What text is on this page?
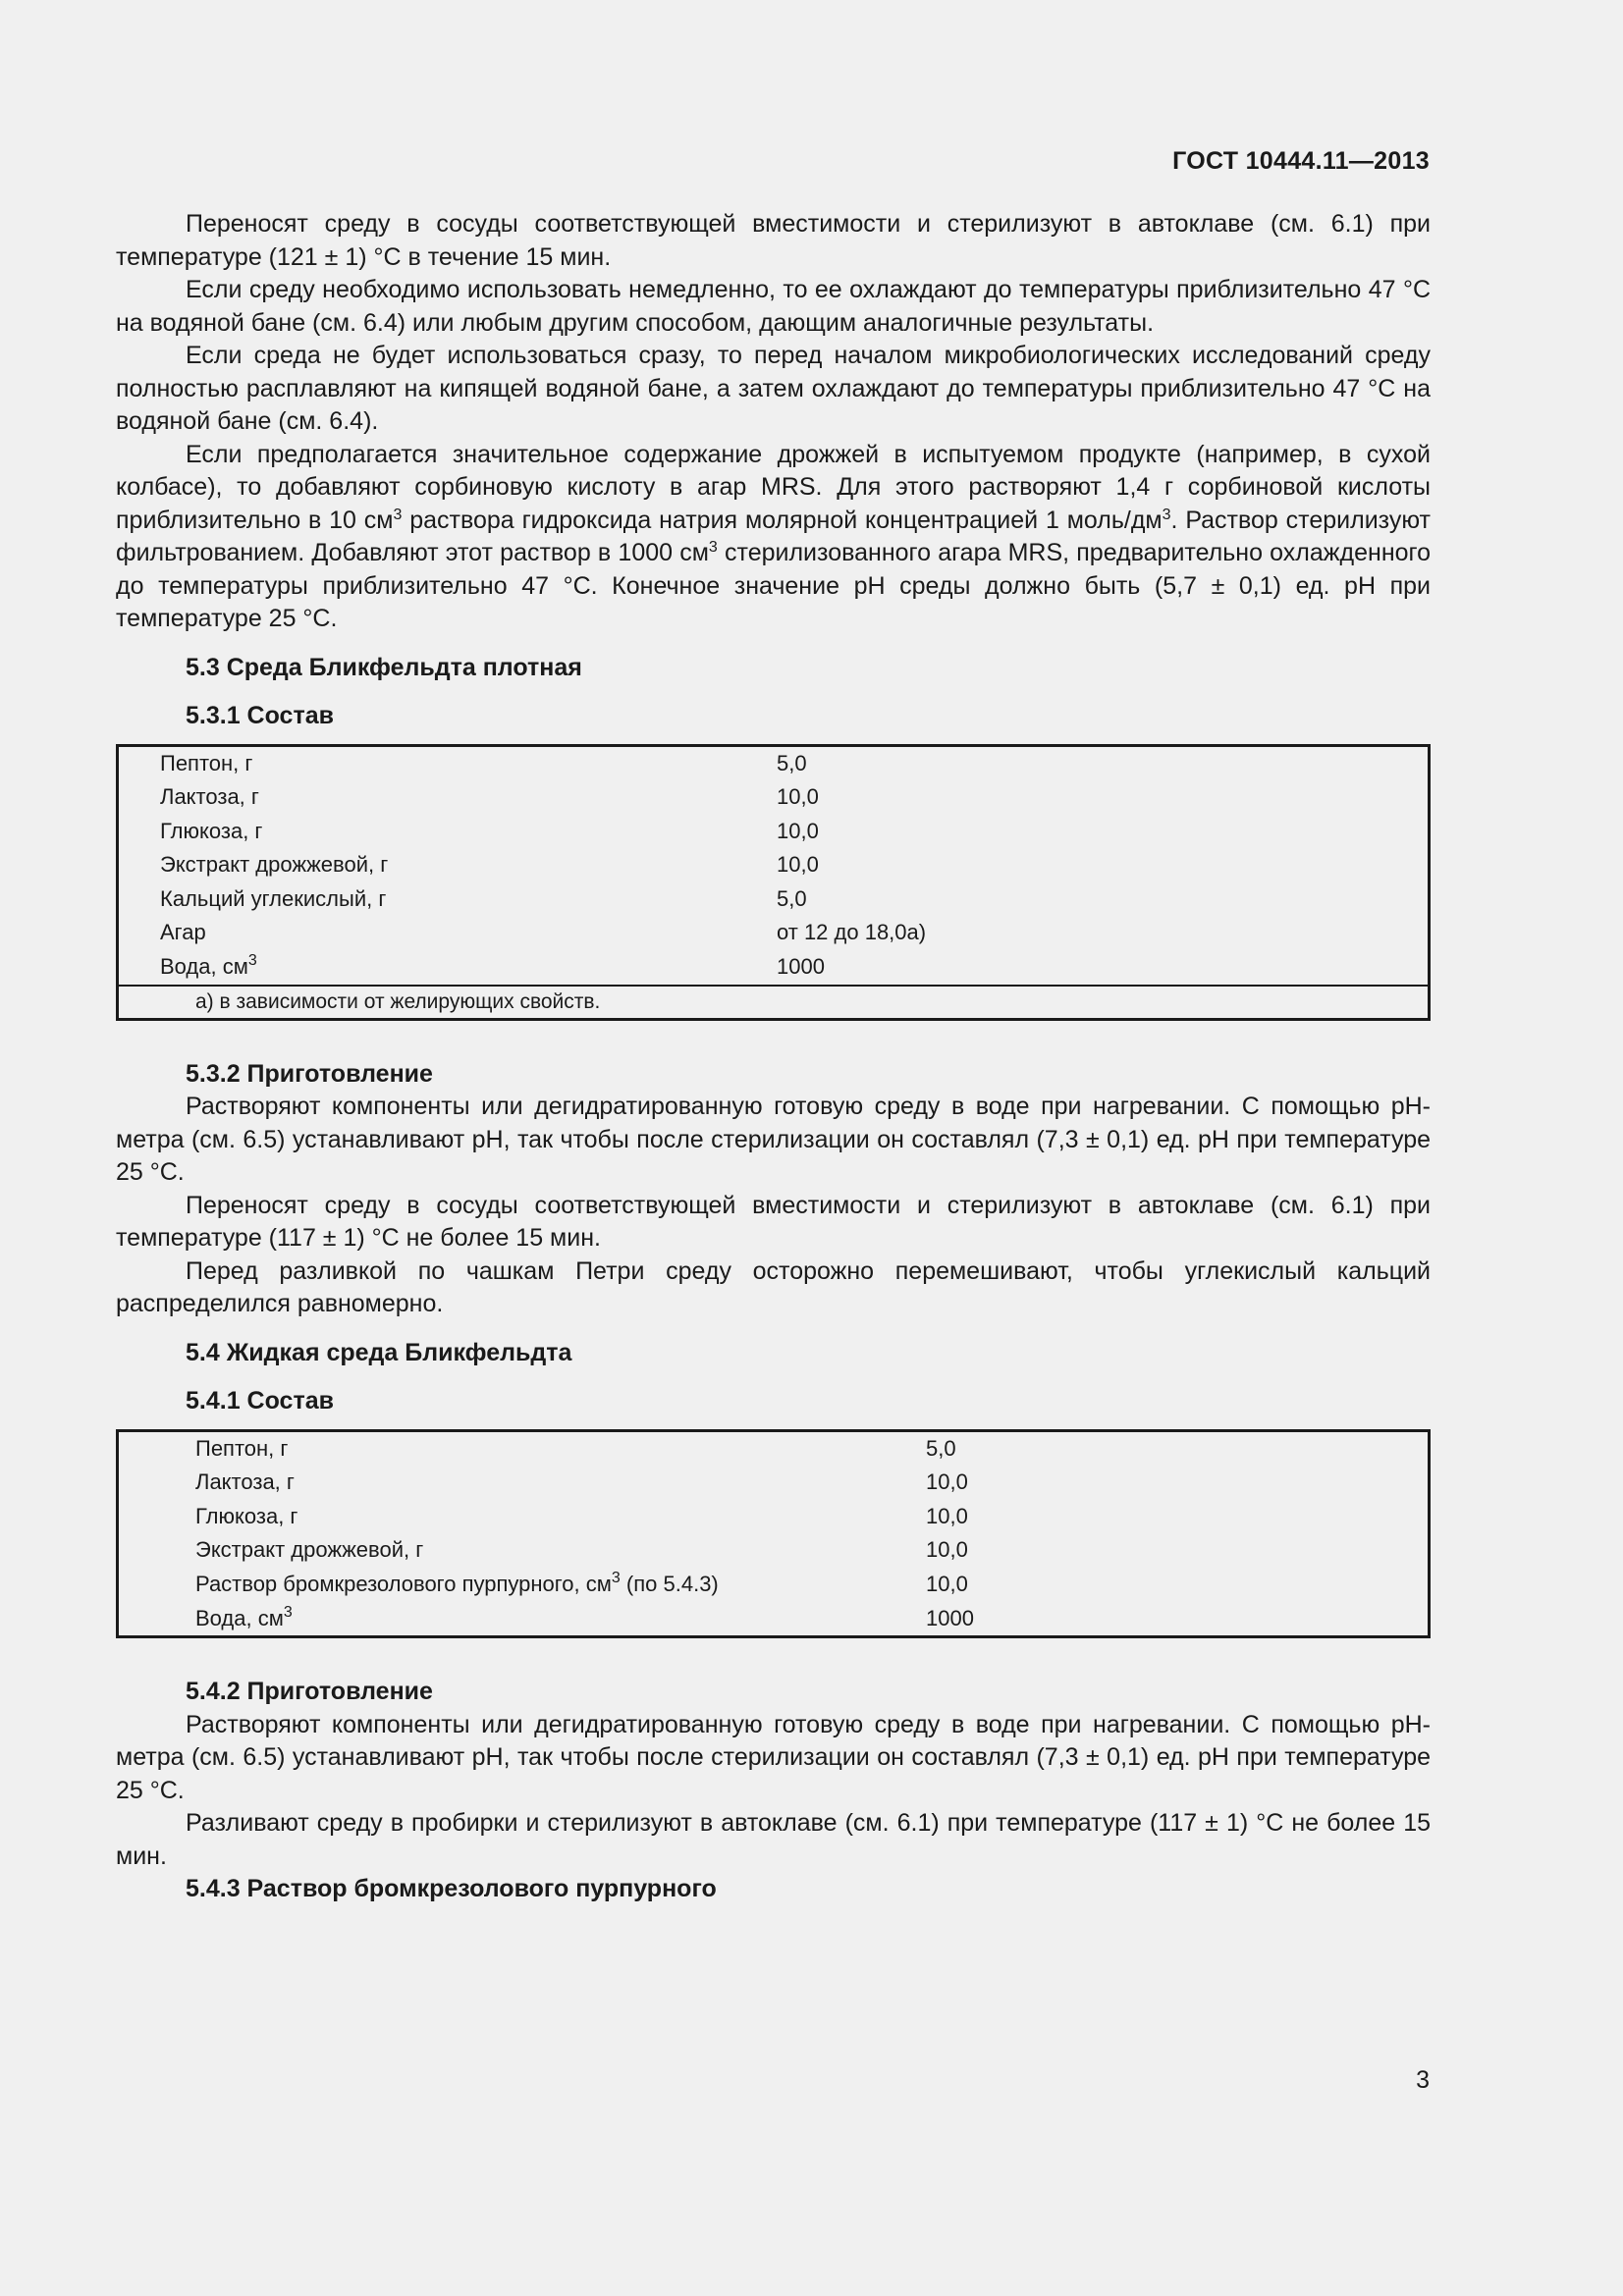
ГОСТ 10444.11—2013

Переносят среду в сосуды соответствующей вместимости и стерилизуют в автоклаве (см. 6.1) при температуре (121 ± 1) °С в течение 15 мин.

Если среду необходимо использовать немедленно, то ее охлаждают до температуры приблизительно 47 °С на водяной бане (см. 6.4) или любым другим способом, дающим аналогичные результаты.

Если среда не будет использоваться сразу, то перед началом микробиологических исследований среду полностью расплавляют на кипящей водяной бане, а затем охлаждают до температуры приблизительно 47 °С на водяной бане (см. 6.4).

Если предполагается значительное содержание дрожжей в испытуемом продукте (например, в сухой колбасе), то добавляют сорбиновую кислоту в агар MRS. Для этого растворяют 1,4 г сорбиновой кислоты приблизительно в 10 $см^3$ раствора гидроксида натрия молярной концентрацией 1 моль/$дм^3$. Раствор стерилизуют фильтрованием. Добавляют этот раствор в 1000 $см^3$ стерилизованного агара MRS, предварительно охлажденного до температуры приблизительно 47 °С. Конечное значение pH среды должно быть (5,7 ± 0,1) ед. pH при температуре 25 °С.

5.3 Среда Бликфельдта плотная
5.3.1 Состав
Пептон, г	5,0
Лактоза, г	10,0
Глюкоза, г	10,0
Экстракт дрожжевой, г	10,0
Кальций углекислый, г	5,0
Агар	от 12 до 18,0а)
Вода, $см^3$	1000
а) в зависимости от желирующих свойств.
5.3.2 Приготовление

Растворяют компоненты или дегидратированную готовую среду в воде при нагревании. С помощью pH-метра (см. 6.5) устанавливают pH, так чтобы после стерилизации он составлял (7,3 ± 0,1) ед. pH при температуре 25 °С.

Переносят среду в сосуды соответствующей вместимости и стерилизуют в автоклаве (см. 6.1) при температуре (117 ± 1) °С не более 15 мин.

Перед разливкой по чашкам Петри среду осторожно перемешивают, чтобы углекислый кальций распределился равномерно.

5.4 Жидкая среда Бликфельдта
5.4.1 Состав
Пептон, г	5,0
Лактоза, г	10,0
Глюкоза, г	10,0
Экстракт дрожжевой, г	10,0
Раствор бромкрезолового пурпурного, $см^3$ (по 5.4.3)	10,0
Вода, $см^3$	1000
5.4.2 Приготовление

Растворяют компоненты или дегидратированную готовую среду в воде при нагревании. С помощью pH-метра (см. 6.5) устанавливают pH, так чтобы после стерилизации он составлял (7,3 ± 0,1) ед. pH при температуре 25 °С.

Разливают среду в пробирки и стерилизуют в автоклаве (см. 6.1) при температуре (117 ± 1) °С не более 15 мин.

5.4.3 Раствор бромкрезолового пурпурного
3
